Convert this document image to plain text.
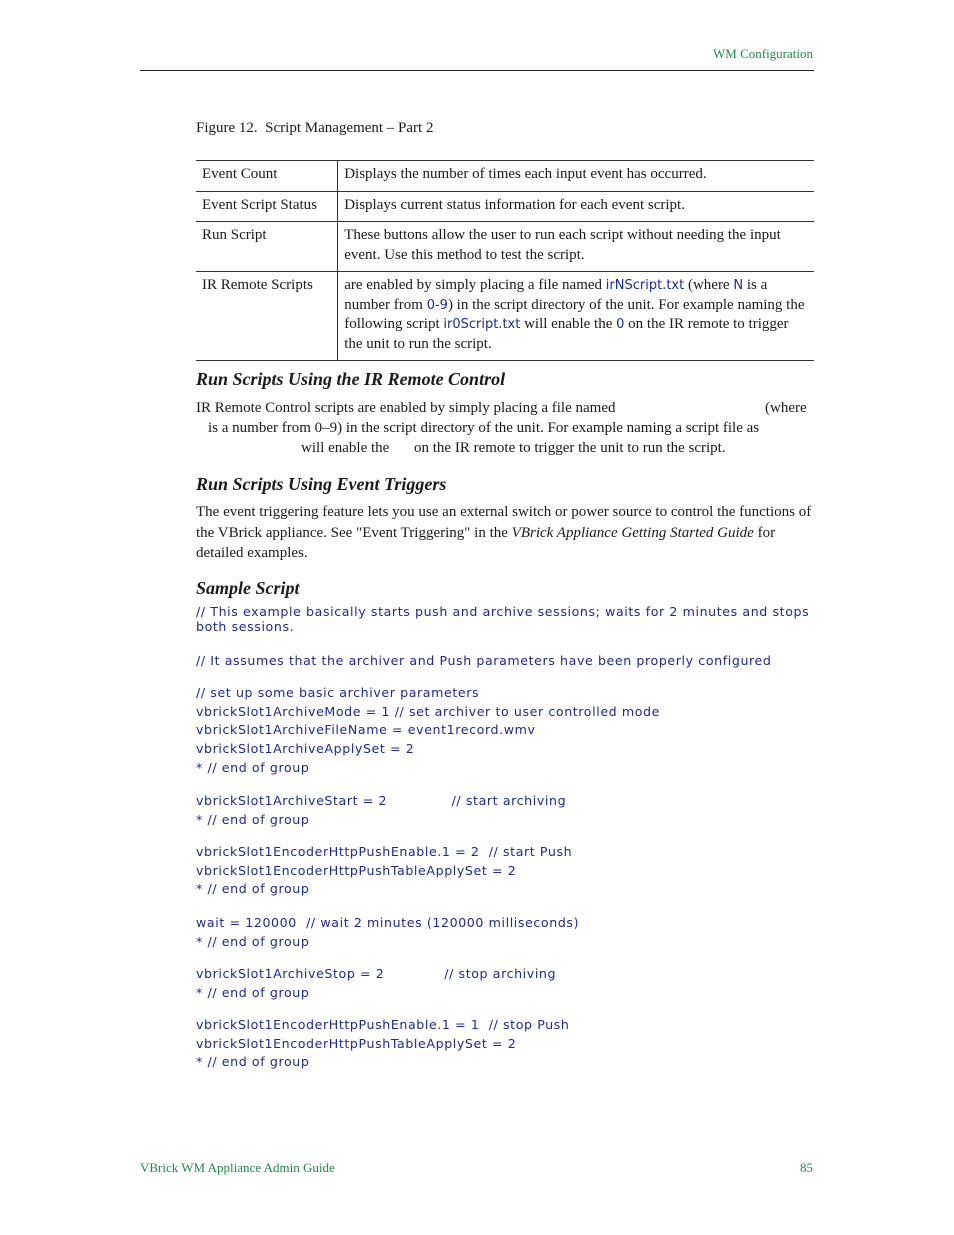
WM Configuration
Figure 12. Script Management – Part 2
Event Count	Displays the number of times each input event has occurred.
Event Script Status	Displays current status information for each event script.
Run Script	These buttons allow the user to run each script without needing the input event. Use this method to test the script.
IR Remote Scripts	are enabled by simply placing a file named irNScript.txt (where N is a number from 0-9) in the script directory of the unit. For example naming the following script ir0Script.txt will enable the 0 on the IR remote to trigger the unit to run the script.
Run Scripts Using the IR Remote Control
IR Remote Control scripts are enabled by simply placing a file named	(where
is a number from 0–9) in the script directory of the unit. For example naming a script file as
will enable the on the IR remote to trigger the unit to run the script.
Run Scripts Using Event Triggers

The event triggering feature lets you use an external switch or power source to control the functions of the VBrick appliance. See "Event Triggering" in the VBrick Appliance Getting Started Guide for detailed examples.

Sample Script
// This example basically starts push and archive sessions; waits for 2 minutes and stops
both sessions.
// It assumes that the archiver and Push parameters have been properly configured
// set up some basic archiver parameters
vbrickSlot1ArchiveMode = 1 // set archiver to user controlled mode
vbrickSlot1ArchiveFileName = event1record.wmv
vbrickSlot1ArchiveApplySet = 2
* // end of group
vbrickSlot1ArchiveStart = 2              // start archiving
* // end of group
vbrickSlot1EncoderHttpPushEnable.1 = 2  // start Push
vbrickSlot1EncoderHttpPushTableApplySet = 2
* // end of group
wait = 120000  // wait 2 minutes (120000 milliseconds)
* // end of group
vbrickSlot1ArchiveStop = 2             // stop archiving
* // end of group
vbrickSlot1EncoderHttpPushEnable.1 = 1  // stop Push
vbrickSlot1EncoderHttpPushTableApplySet = 2
* // end of group
VBrick WM Appliance Admin Guide	85
